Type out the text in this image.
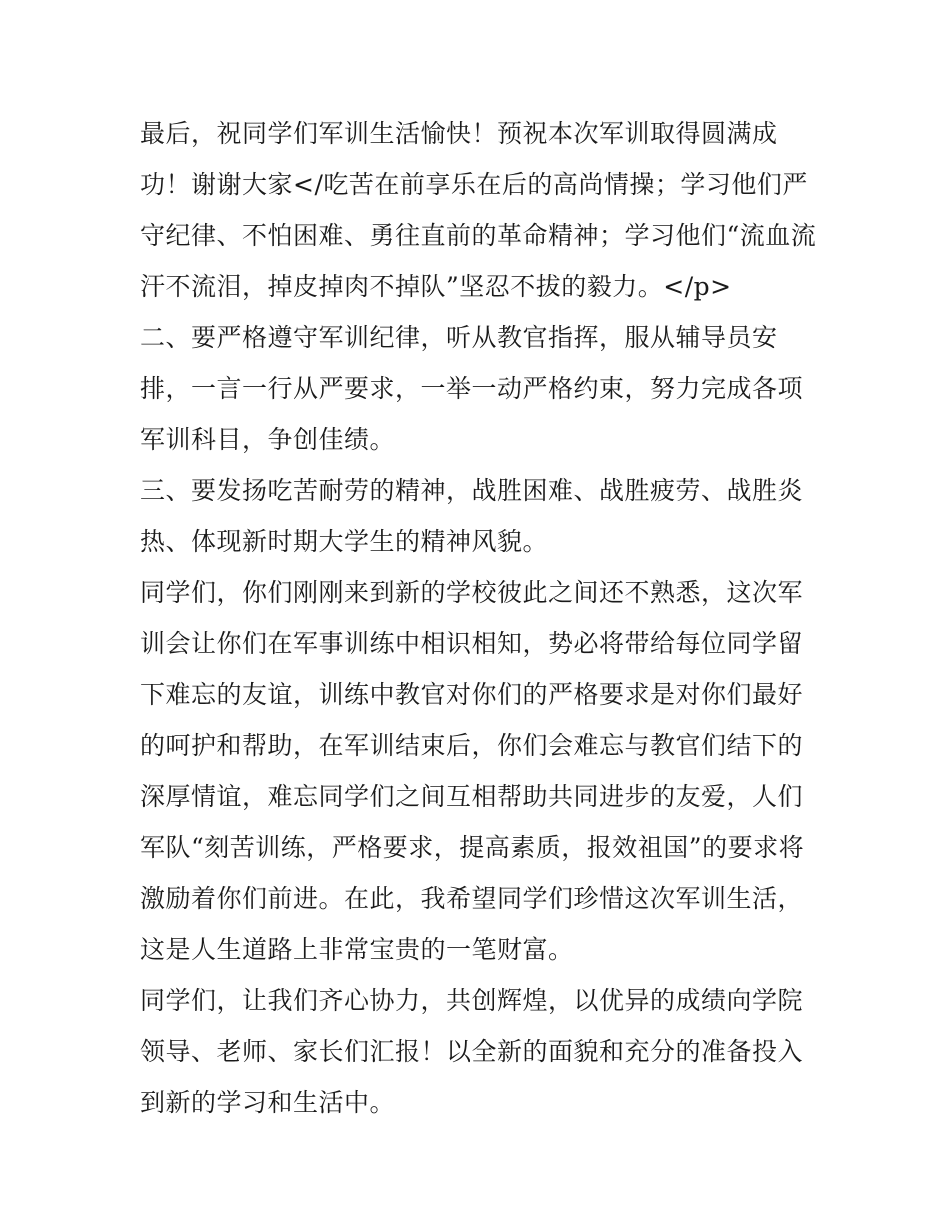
最后，祝同学们军训生活愉快！预祝本次军训取得圆满成功！谢谢大家</吃苦在前享乐在后的高尚情操；学习他们严守纪律、不怕困难、勇往直前的革命精神；学习他们“流血流汗不流泪，掉皮掉肉不掉队”坚忍不拔的毅力。</p>

二、要严格遵守军训纪律，听从教官指挥，服从辅导员安排，一言一行从严要求，一举一动严格约束，努力完成各项军训科目，争创佳绩。

三、要发扬吃苦耐劳的精神，战胜困难、战胜疲劳、战胜炎热、体现新时期大学生的精神风貌。

同学们，你们刚刚来到新的学校彼此之间还不熟悉，这次军训会让你们在军事训练中相识相知，势必将带给每位同学留下难忘的友谊，训练中教官对你们的严格要求是对你们最好的呵护和帮助，在军训结束后，你们会难忘与教官们结下的深厚情谊，难忘同学们之间互相帮助共同进步的友爱，人们军队“刻苦训练，严格要求，提高素质，报效祖国”的要求将激励着你们前进。在此，我希望同学们珍惜这次军训生活，这是人生道路上非常宝贵的一笔财富。

同学们，让我们齐心协力，共创辉煌，以优异的成绩向学院领导、老师、家长们汇报！以全新的面貌和充分的准备投入到新的学习和生活中。
